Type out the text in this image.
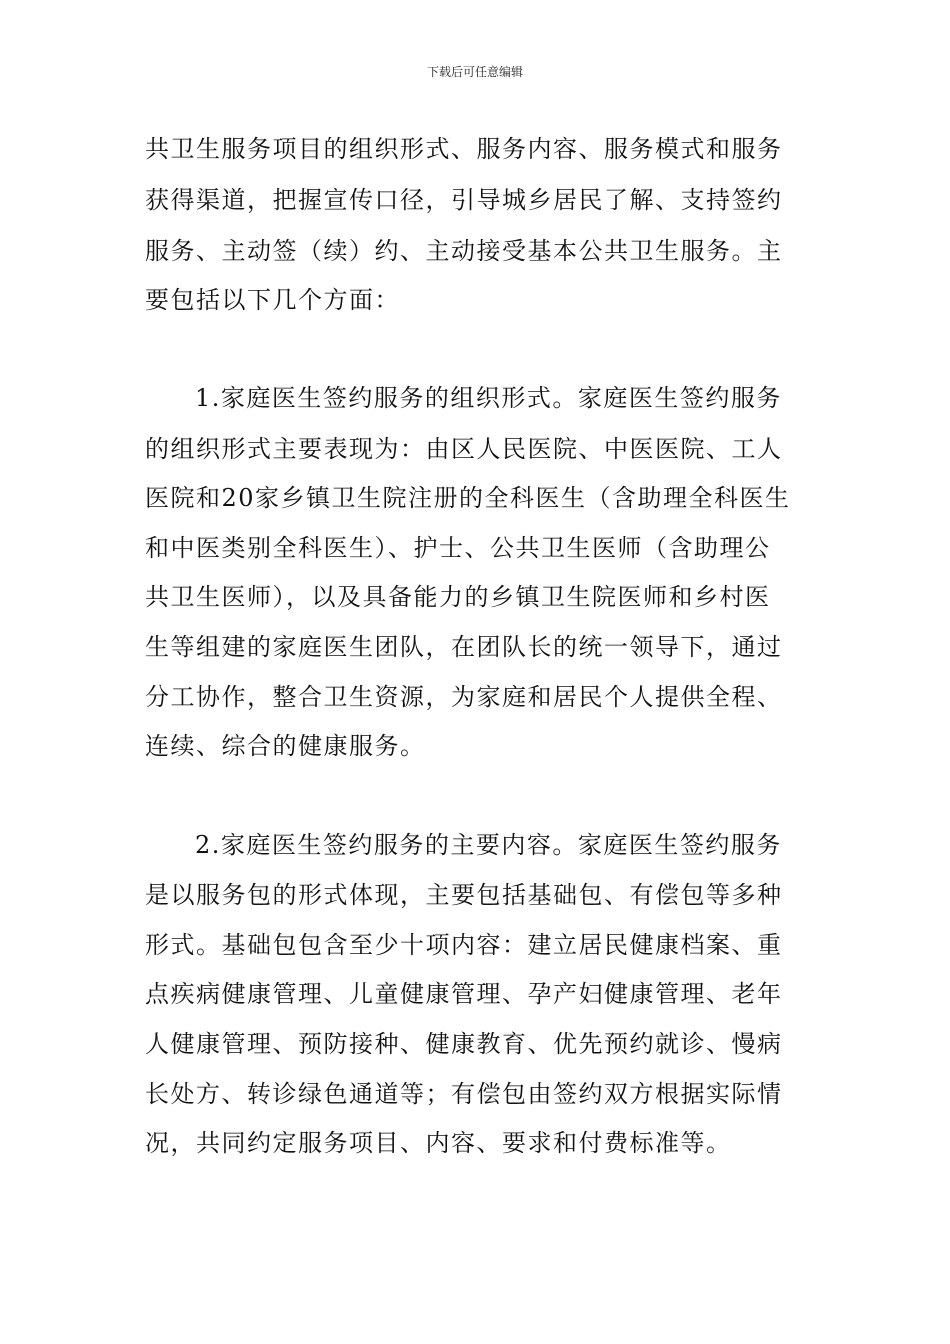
下载后可任意编辑
共卫生服务项目的组织形式、服务内容、服务模式和服务
获得渠道，把握宣传口径，引导城乡居民了解、支持签约
服务、主动签（续）约、主动接受基本公共卫生服务。主
要包括以下几个方面：
1.家庭医生签约服务的组织形式。家庭医生签约服务
的组织形式主要表现为：由区人民医院、中医医院、工人
医院和20家乡镇卫生院注册的全科医生（含助理全科医生
和中医类别全科医生）、护士、公共卫生医师（含助理公
共卫生医师），以及具备能力的乡镇卫生院医师和乡村医
生等组建的家庭医生团队，在团队长的统一领导下，通过
分工协作，整合卫生资源，为家庭和居民个人提供全程、
连续、综合的健康服务。
2.家庭医生签约服务的主要内容。家庭医生签约服务
是以服务包的形式体现，主要包括基础包、有偿包等多种
形式。基础包包含至少十项内容：建立居民健康档案、重
点疾病健康管理、儿童健康管理、孕产妇健康管理、老年
人健康管理、预防接种、健康教育、优先预约就诊、慢病
长处方、转诊绿色通道等；有偿包由签约双方根据实际情
况，共同约定服务项目、内容、要求和付费标准等。
